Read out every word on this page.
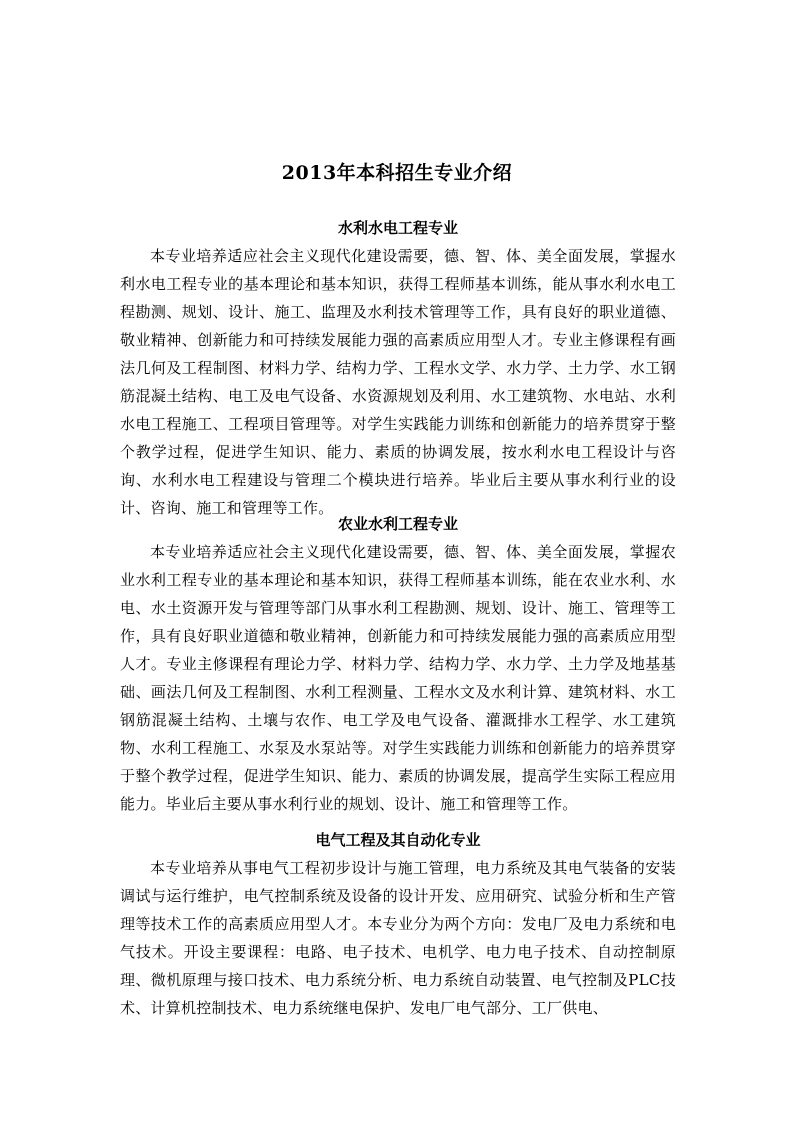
2013年本科招生专业介绍
水利水电工程专业

本专业培养适应社会主义现代化建设需要，德、智、体、美全面发展，掌握水利水电工程专业的基本理论和基本知识，获得工程师基本训练，能从事水利水电工程勘测、规划、设计、施工、监理及水利技术管理等工作，具有良好的职业道德、敬业精神、创新能力和可持续发展能力强的高素质应用型人才。专业主修课程有画法几何及工程制图、材料力学、结构力学、工程水文学、水力学、土力学、水工钢筋混凝土结构、电工及电气设备、水资源规划及利用、水工建筑物、水电站、水利水电工程施工、工程项目管理等。对学生实践能力训练和创新能力的培养贯穿于整个教学过程，促进学生知识、能力、素质的协调发展，按水利水电工程设计与咨询、水利水电工程建设与管理二个模块进行培养。毕业后主要从事水利行业的设计、咨询、施工和管理等工作。

农业水利工程专业

本专业培养适应社会主义现代化建设需要，德、智、体、美全面发展，掌握农业水利工程专业的基本理论和基本知识，获得工程师基本训练，能在农业水利、水电、水土资源开发与管理等部门从事水利工程勘测、规划、设计、施工、管理等工作，具有良好职业道德和敬业精神，创新能力和可持续发展能力强的高素质应用型人才。专业主修课程有理论力学、材料力学、结构力学、水力学、土力学及地基基础、画法几何及工程制图、水利工程测量、工程水文及水利计算、建筑材料、水工钢筋混凝土结构、土壤与农作、电工学及电气设备、灌溉排水工程学、水工建筑物、水利工程施工、水泵及水泵站等。对学生实践能力训练和创新能力的培养贯穿于整个教学过程，促进学生知识、能力、素质的协调发展，提高学生实际工程应用能力。毕业后主要从事水利行业的规划、设计、施工和管理等工作。

电气工程及其自动化专业

本专业培养从事电气工程初步设计与施工管理，电力系统及其电气装备的安装调试与运行维护，电气控制系统及设备的设计开发、应用研究、试验分析和生产管理等技术工作的高素质应用型人才。本专业分为两个方向：发电厂及电力系统和电气技术。开设主要课程：电路、电子技术、电机学、电力电子技术、自动控制原理、微机原理与接口技术、电力系统分析、电力系统自动装置、电气控制及PLC技术、计算机控制技术、电力系统继电保护、发电厂电气部分、工厂供电、
